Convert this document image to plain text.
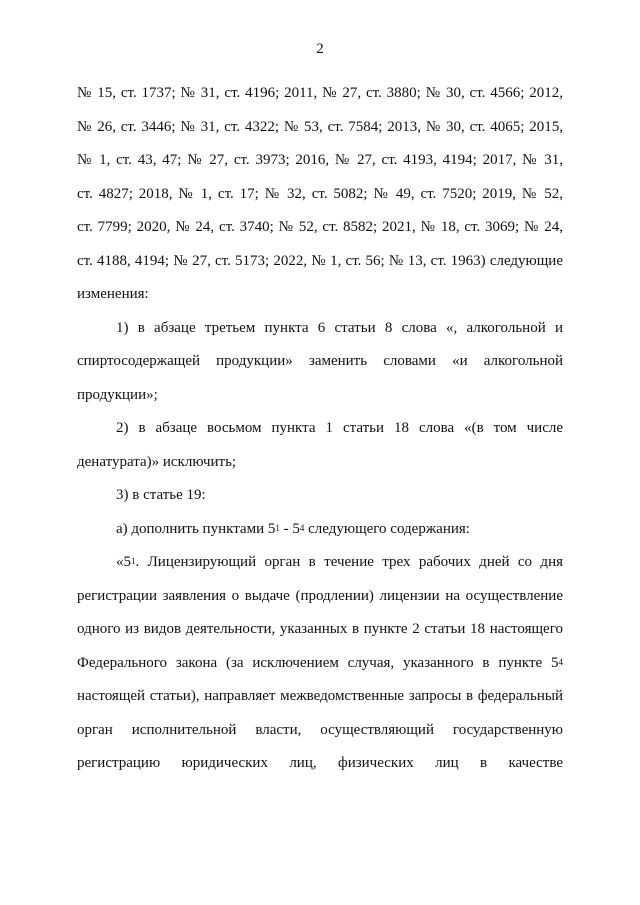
2
№ 15, ст. 1737; № 31, ст. 4196; 2011, № 27, ст. 3880; № 30, ст. 4566; 2012,
№ 26, ст. 3446; № 31, ст. 4322; № 53, ст. 7584; 2013, № 30, ст. 4065; 2015,
№ 1, ст. 43, 47; № 27, ст. 3973; 2016, № 27, ст. 4193, 4194; 2017, № 31,
ст. 4827; 2018, № 1, ст. 17; № 32, ст. 5082; № 49, ст. 7520; 2019, № 52,
ст. 7799; 2020, № 24, ст. 3740; № 52, ст. 8582; 2021, № 18, ст. 3069; № 24,
ст. 4188, 4194; № 27, ст. 5173; 2022, № 1, ст. 56; № 13, ст. 1963) следующие
изменения:
1) в абзаце третьем пункта 6 статьи 8 слова «, алкогольной и
спиртосодержащей продукции» заменить словами «и алкогольной
продукции»;
2) в абзаце восьмом пункта 1 статьи 18 слова «(в том числе
денатурата)» исключить;
3) в статье 19:
а) дополнить пунктами $5^1 - 5^4$ следующего содержания:
«$5^1$. Лицензирующий орган в течение трех рабочих дней со дня
регистрации заявления о выдаче (продлении) лицензии на осуществление
одного из видов деятельности, указанных в пункте 2 статьи 18 настоящего
Федерального закона (за исключением случая, указанного в пункте $5^4$
настоящей статьи), направляет межведомственные запросы в федеральный
орган исполнительной власти, осуществляющий государственную
регистрацию юридических лиц, физических лиц в качестве
